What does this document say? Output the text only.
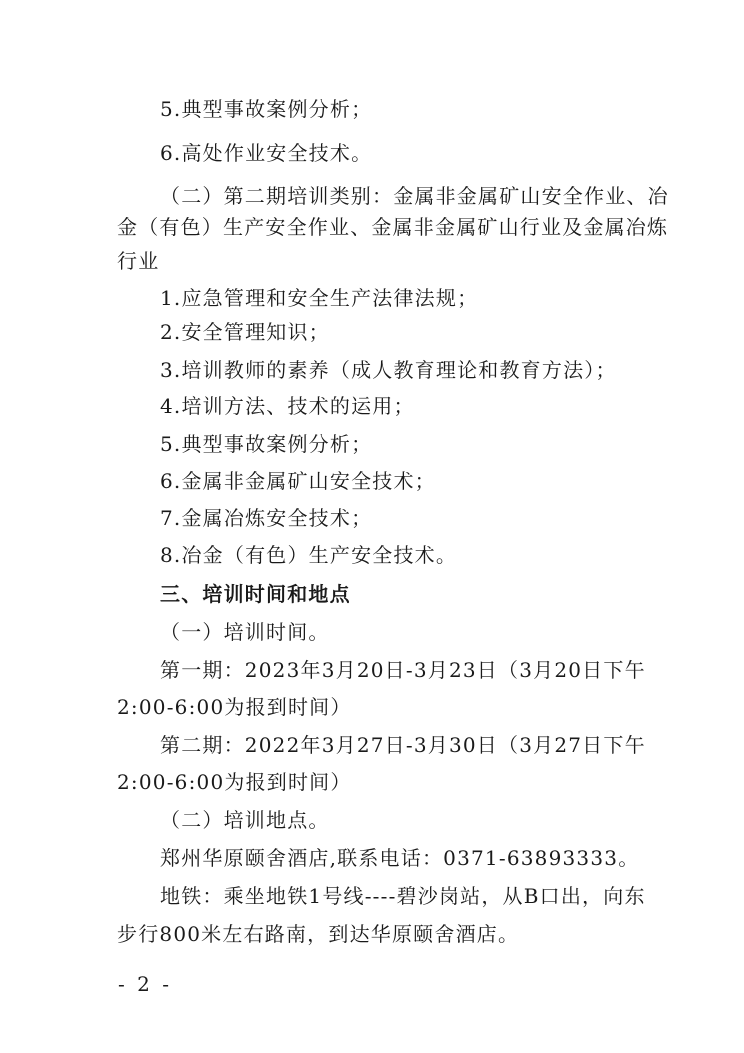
5.典型事故案例分析；
6.高处作业安全技术。
（二）第二期培训类别：金属非金属矿山安全作业、冶
金（有色）生产安全作业、金属非金属矿山行业及金属冶炼
行业
1.应急管理和安全生产法律法规；
2.安全管理知识；
3.培训教师的素养（成人教育理论和教育方法）；
4.培训方法、技术的运用；
5.典型事故案例分析；
6.金属非金属矿山安全技术；
7.金属冶炼安全技术；
8.冶金（有色）生产安全技术。
三、培训时间和地点
（一）培训时间。
第一期：2023年3月20日-3月23日（3月20日下午
2:00-6:00为报到时间）
第二期：2022年3月27日-3月30日（3月27日下午
2:00-6:00为报到时间）
（二）培训地点。
郑州华原颐舍酒店,联系电话：0371-63893333。
地铁：乘坐地铁1号线----碧沙岗站，从B口出，向东
步行800米左右路南，到达华原颐舍酒店。
- 2 -
